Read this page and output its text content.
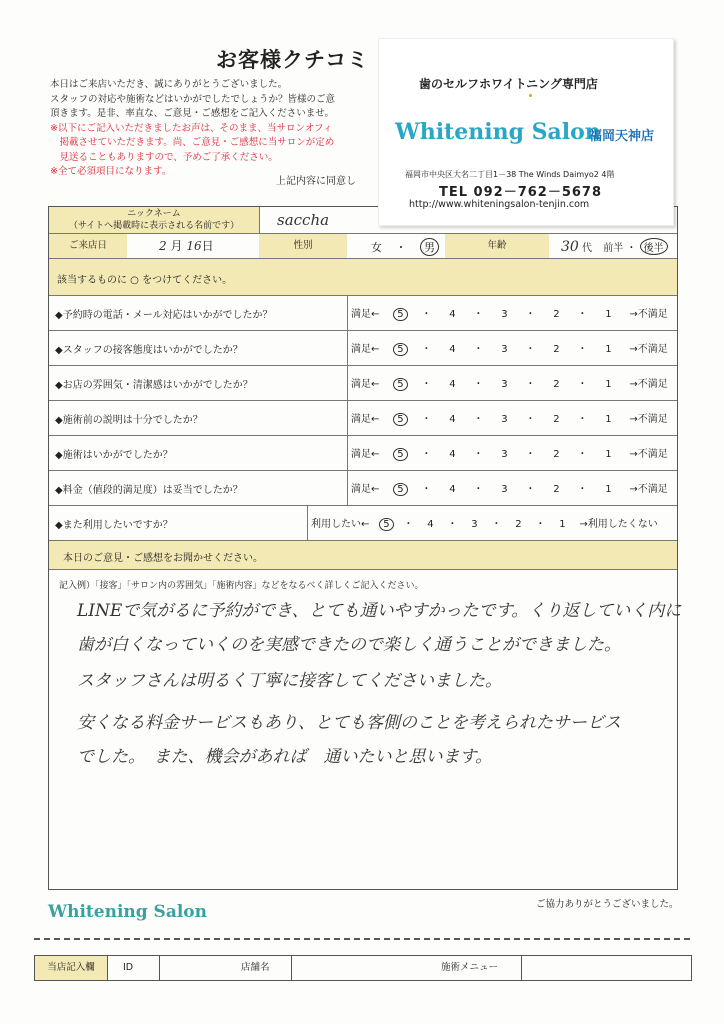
お客様クチコミ
本日はご来店いただき、誠にありがとうございました。
スタッフの対応や施術などはいかがでしたでしょうか？皆様のご意
頂きます。是非、率直な、ご意見・ご感想をご記入くださいませ。
※以下にご記入いただきましたお声は、そのまま、当サロンオフィ
　掲載させていただきます。尚、ご意見・ご感想に当サロンが定め
　見送ることもありますので、予めご了承ください。
※全て必須項目になります。
上記内容に同意し
ニックネーム
（サイトへ掲載時に表示される名前です）	saccha
ご来店日	2 月 16日	性別	女 ・ 男	年齢	30 代 前半 ・ 後半
該当するものに ○ をつけてください。
◆予約時の電話・メール対応はいかがでしたか？	満足← 5 ・ 4 ・ 3 ・ 2 ・ 1 →不満足
◆スタッフの接客態度はいかがでしたか？	満足← 5 ・ 4 ・ 3 ・ 2 ・ 1 →不満足
◆お店の雰囲気・清潔感はいかがでしたか？	満足← 5 ・ 4 ・ 3 ・ 2 ・ 1 →不満足
◆施術前の説明は十分でしたか？	満足← 5 ・ 4 ・ 3 ・ 2 ・ 1 →不満足
◆施術はいかがでしたか？	満足← 5 ・ 4 ・ 3 ・ 2 ・ 1 →不満足
◆料金（値段的満足度）は妥当でしたか？	満足← 5 ・ 4 ・ 3 ・ 2 ・ 1 →不満足
◆また利用したいですか？	利用したい← 5 ・ 4 ・ 3 ・ 2 ・ 1 →利用したくない
本日のご意見・ご感想をお聞かせください。
記入例）「接客」「サロン内の雰囲気」「施術内容」などをなるべく詳しくご記入ください。
LINEで気がるに予約ができ、とても通いやすかったです。くり返していく内に
歯が白くなっていくのを実感できたので楽しく通うことができました。
スタッフさんは明るく丁寧に接客してくださいました。
安くなる料金サービスもあり、とても客側のことを考えられたサービス
でした。　また、機会があれば　通いたいと思います。
歯のセルフホワイトニング専門店
Whitening Salon
福岡天神店
福岡市中央区大名二丁目1－38 The Winds Daimyo2 4階
TEL 092－762－5678
http://www.whiteningsalon-tenjin.com
Whitening Salon	ご協力ありがとうございました。
当店記入欄	ID	店舗名	施術メニュー
